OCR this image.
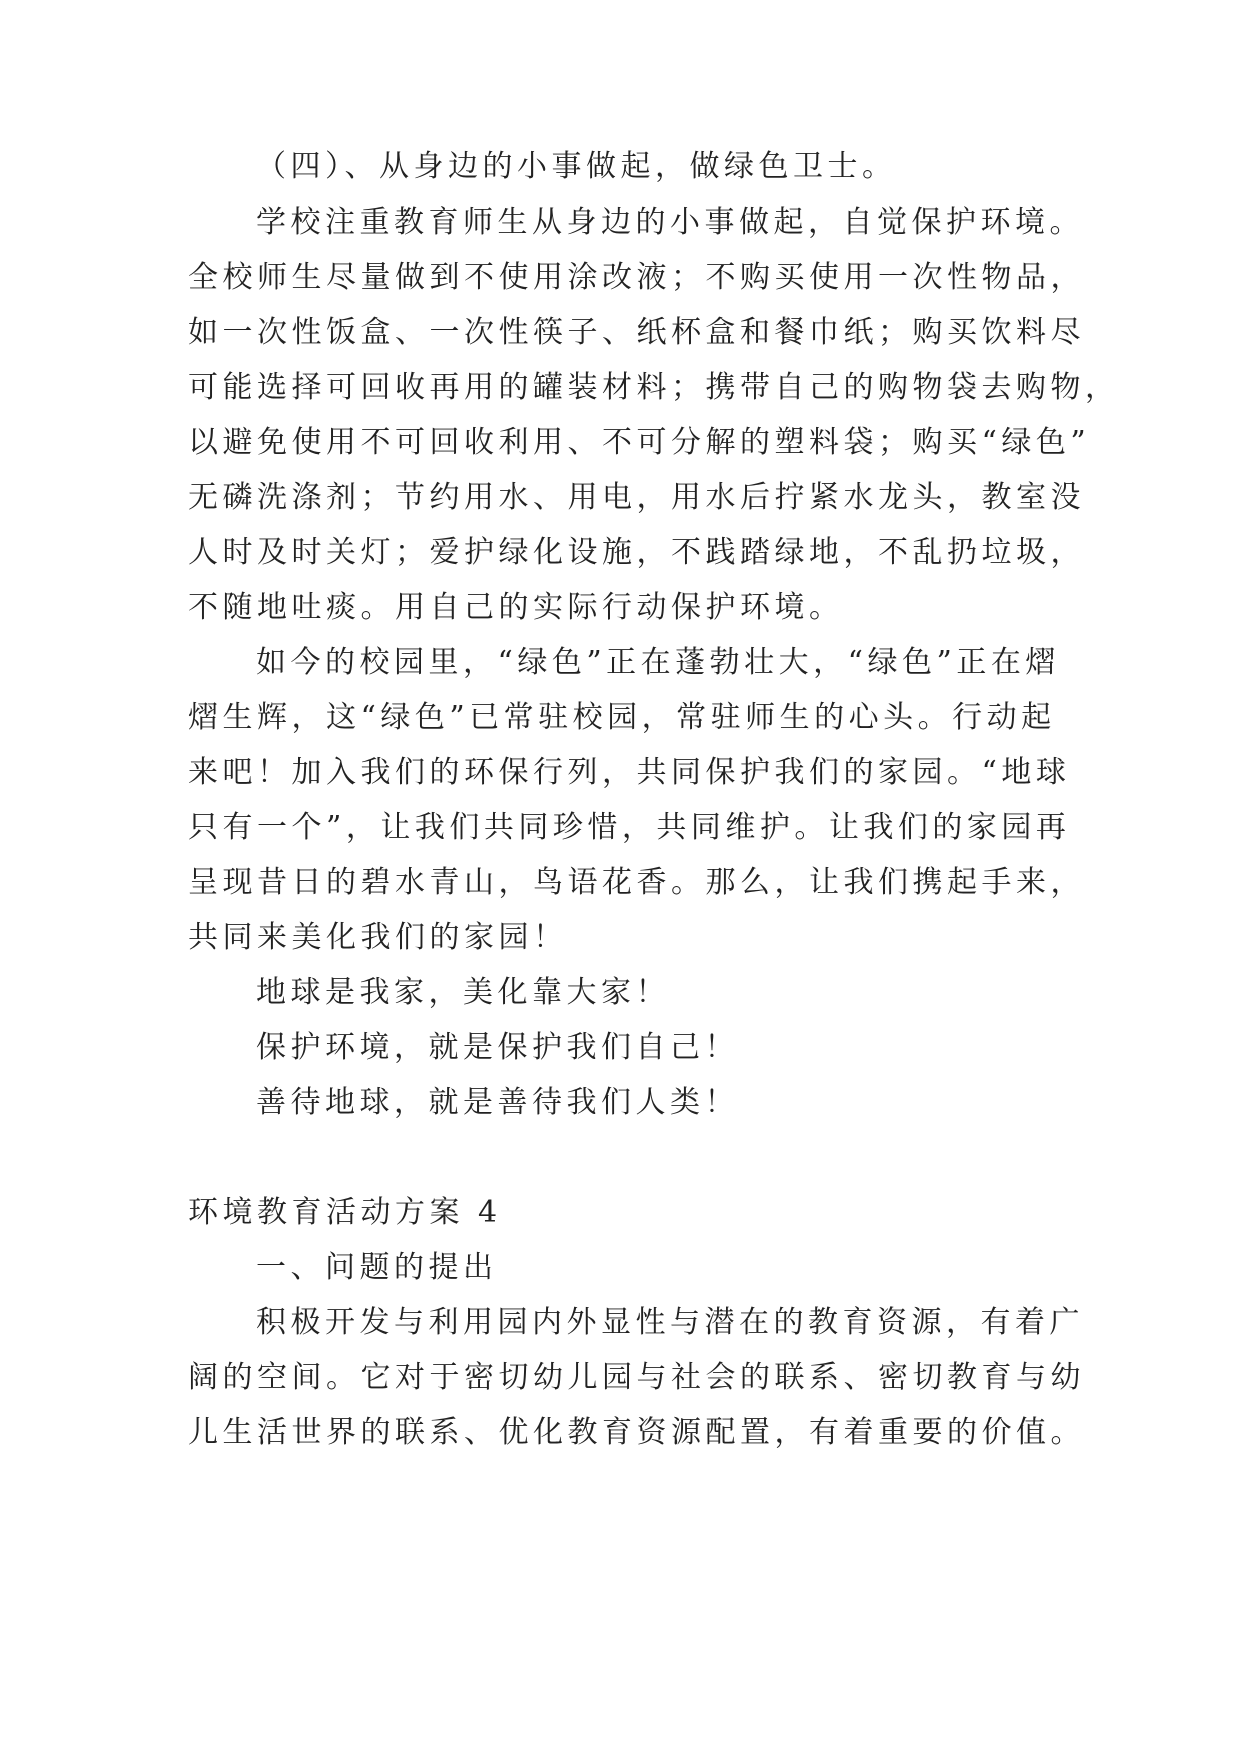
（四）、从身边的小事做起，做绿色卫士。
学校注重教育师生从身边的小事做起，自觉保护环境。
全校师生尽量做到不使用涂改液；不购买使用一次性物品，
如一次性饭盒、一次性筷子、纸杯盒和餐巾纸；购买饮料尽
可能选择可回收再用的罐装材料；携带自己的购物袋去购物，
以避免使用不可回收利用、不可分解的塑料袋；购买“绿色”
无磷洗涤剂；节约用水、用电，用水后拧紧水龙头，教室没
人时及时关灯；爱护绿化设施，不践踏绿地，不乱扔垃圾，
不随地吐痰。用自己的实际行动保护环境。
如今的校园里，“绿色”正在蓬勃壮大，“绿色”正在熠
熠生辉，这“绿色”已常驻校园，常驻师生的心头。行动起
来吧！加入我们的环保行列，共同保护我们的家园。“地球
只有一个”，让我们共同珍惜，共同维护。让我们的家园再
呈现昔日的碧水青山，鸟语花香。那么，让我们携起手来，
共同来美化我们的家园！
地球是我家，美化靠大家！
保护环境，就是保护我们自己！
善待地球，就是善待我们人类！
环境教育活动方案 4
一、问题的提出
积极开发与利用园内外显性与潜在的教育资源，有着广
阔的空间。它对于密切幼儿园与社会的联系、密切教育与幼
儿生活世界的联系、优化教育资源配置，有着重要的价值。
